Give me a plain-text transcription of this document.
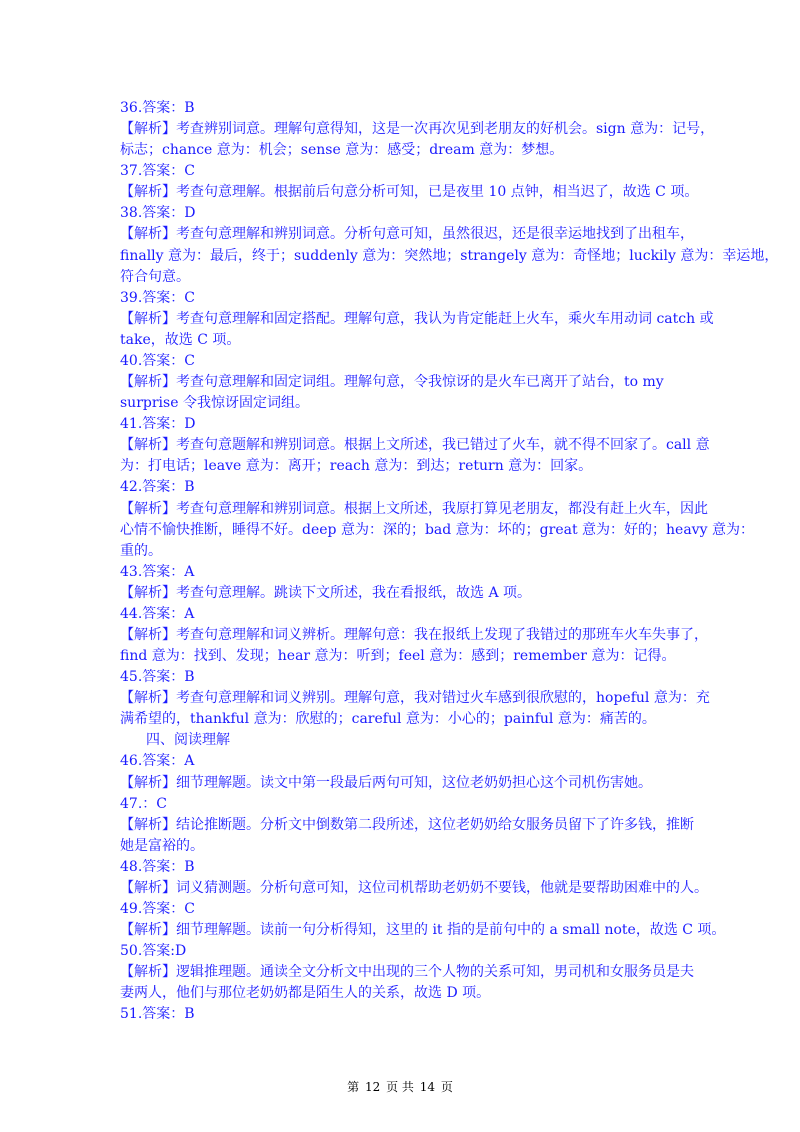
36.答案：B
【解析】考查辨别词意。理解句意得知，这是一次再次见到老朋友的好机会。sign 意为：记号，
标志；chance 意为：机会；sense 意为：感受；dream 意为：梦想。
37.答案：C
【解析】考查句意理解。根据前后句意分析可知，已是夜里 10 点钟，相当迟了，故选 C 项。
38.答案：D
【解析】考查句意理解和辨别词意。分析句意可知，虽然很迟，还是很幸运地找到了出租车，
finally 意为：最后，终于；suddenly 意为：突然地；strangely 意为：奇怪地；luckily 意为：幸运地，
符合句意。
39.答案：C
【解析】考查句意理解和固定搭配。理解句意，我认为肯定能赶上火车，乘火车用动词 catch 或
take，故选 C 项。
40.答案：C
【解析】考查句意理解和固定词组。理解句意，令我惊讶的是火车已离开了站台，to my
surprise 令我惊讶固定词组。
41.答案：D
【解析】考查句意题解和辨别词意。根据上文所述，我已错过了火车，就不得不回家了。call 意
为：打电话；leave 意为：离开；reach 意为：到达；return 意为：回家。
42.答案：B
【解析】考查句意理解和辨别词意。根据上文所述，我原打算见老朋友，都没有赶上火车，因此
心情不愉快推断，睡得不好。deep 意为：深的；bad 意为：坏的；great 意为：好的；heavy 意为：
重的。
43.答案：A
【解析】考查句意理解。跳读下文所述，我在看报纸，故选 A 项。
44.答案：A
【解析】考查句意理解和词义辨析。理解句意：我在报纸上发现了我错过的那班车火车失事了，
find 意为：找到、发现；hear 意为：听到；feel 意为：感到；remember 意为：记得。
45.答案：B
【解析】考查句意理解和词义辨别。理解句意，我对错过火车感到很欣慰的，hopeful 意为：充
满希望的，thankful 意为：欣慰的；careful 意为：小心的；painful 意为：痛苦的。
四、阅读理解
46.答案：A
【解析】细节理解题。读文中第一段最后两句可知，这位老奶奶担心这个司机伤害她。
47.：C
【解析】结论推断题。分析文中倒数第二段所述，这位老奶奶给女服务员留下了许多钱，推断
她是富裕的。
48.答案：B
【解析】词义猜测题。分析句意可知，这位司机帮助老奶奶不要钱，他就是要帮助困难中的人。
49.答案：C
【解析】细节理解题。读前一句分析得知，这里的 it 指的是前句中的 a small note，故选 C 项。
50.答案:D
【解析】逻辑推理题。通读全文分析文中出现的三个人物的关系可知，男司机和女服务员是夫
妻两人，他们与那位老奶奶都是陌生人的关系，故选 D 项。
51.答案：B
第 12 页 共 14 页
